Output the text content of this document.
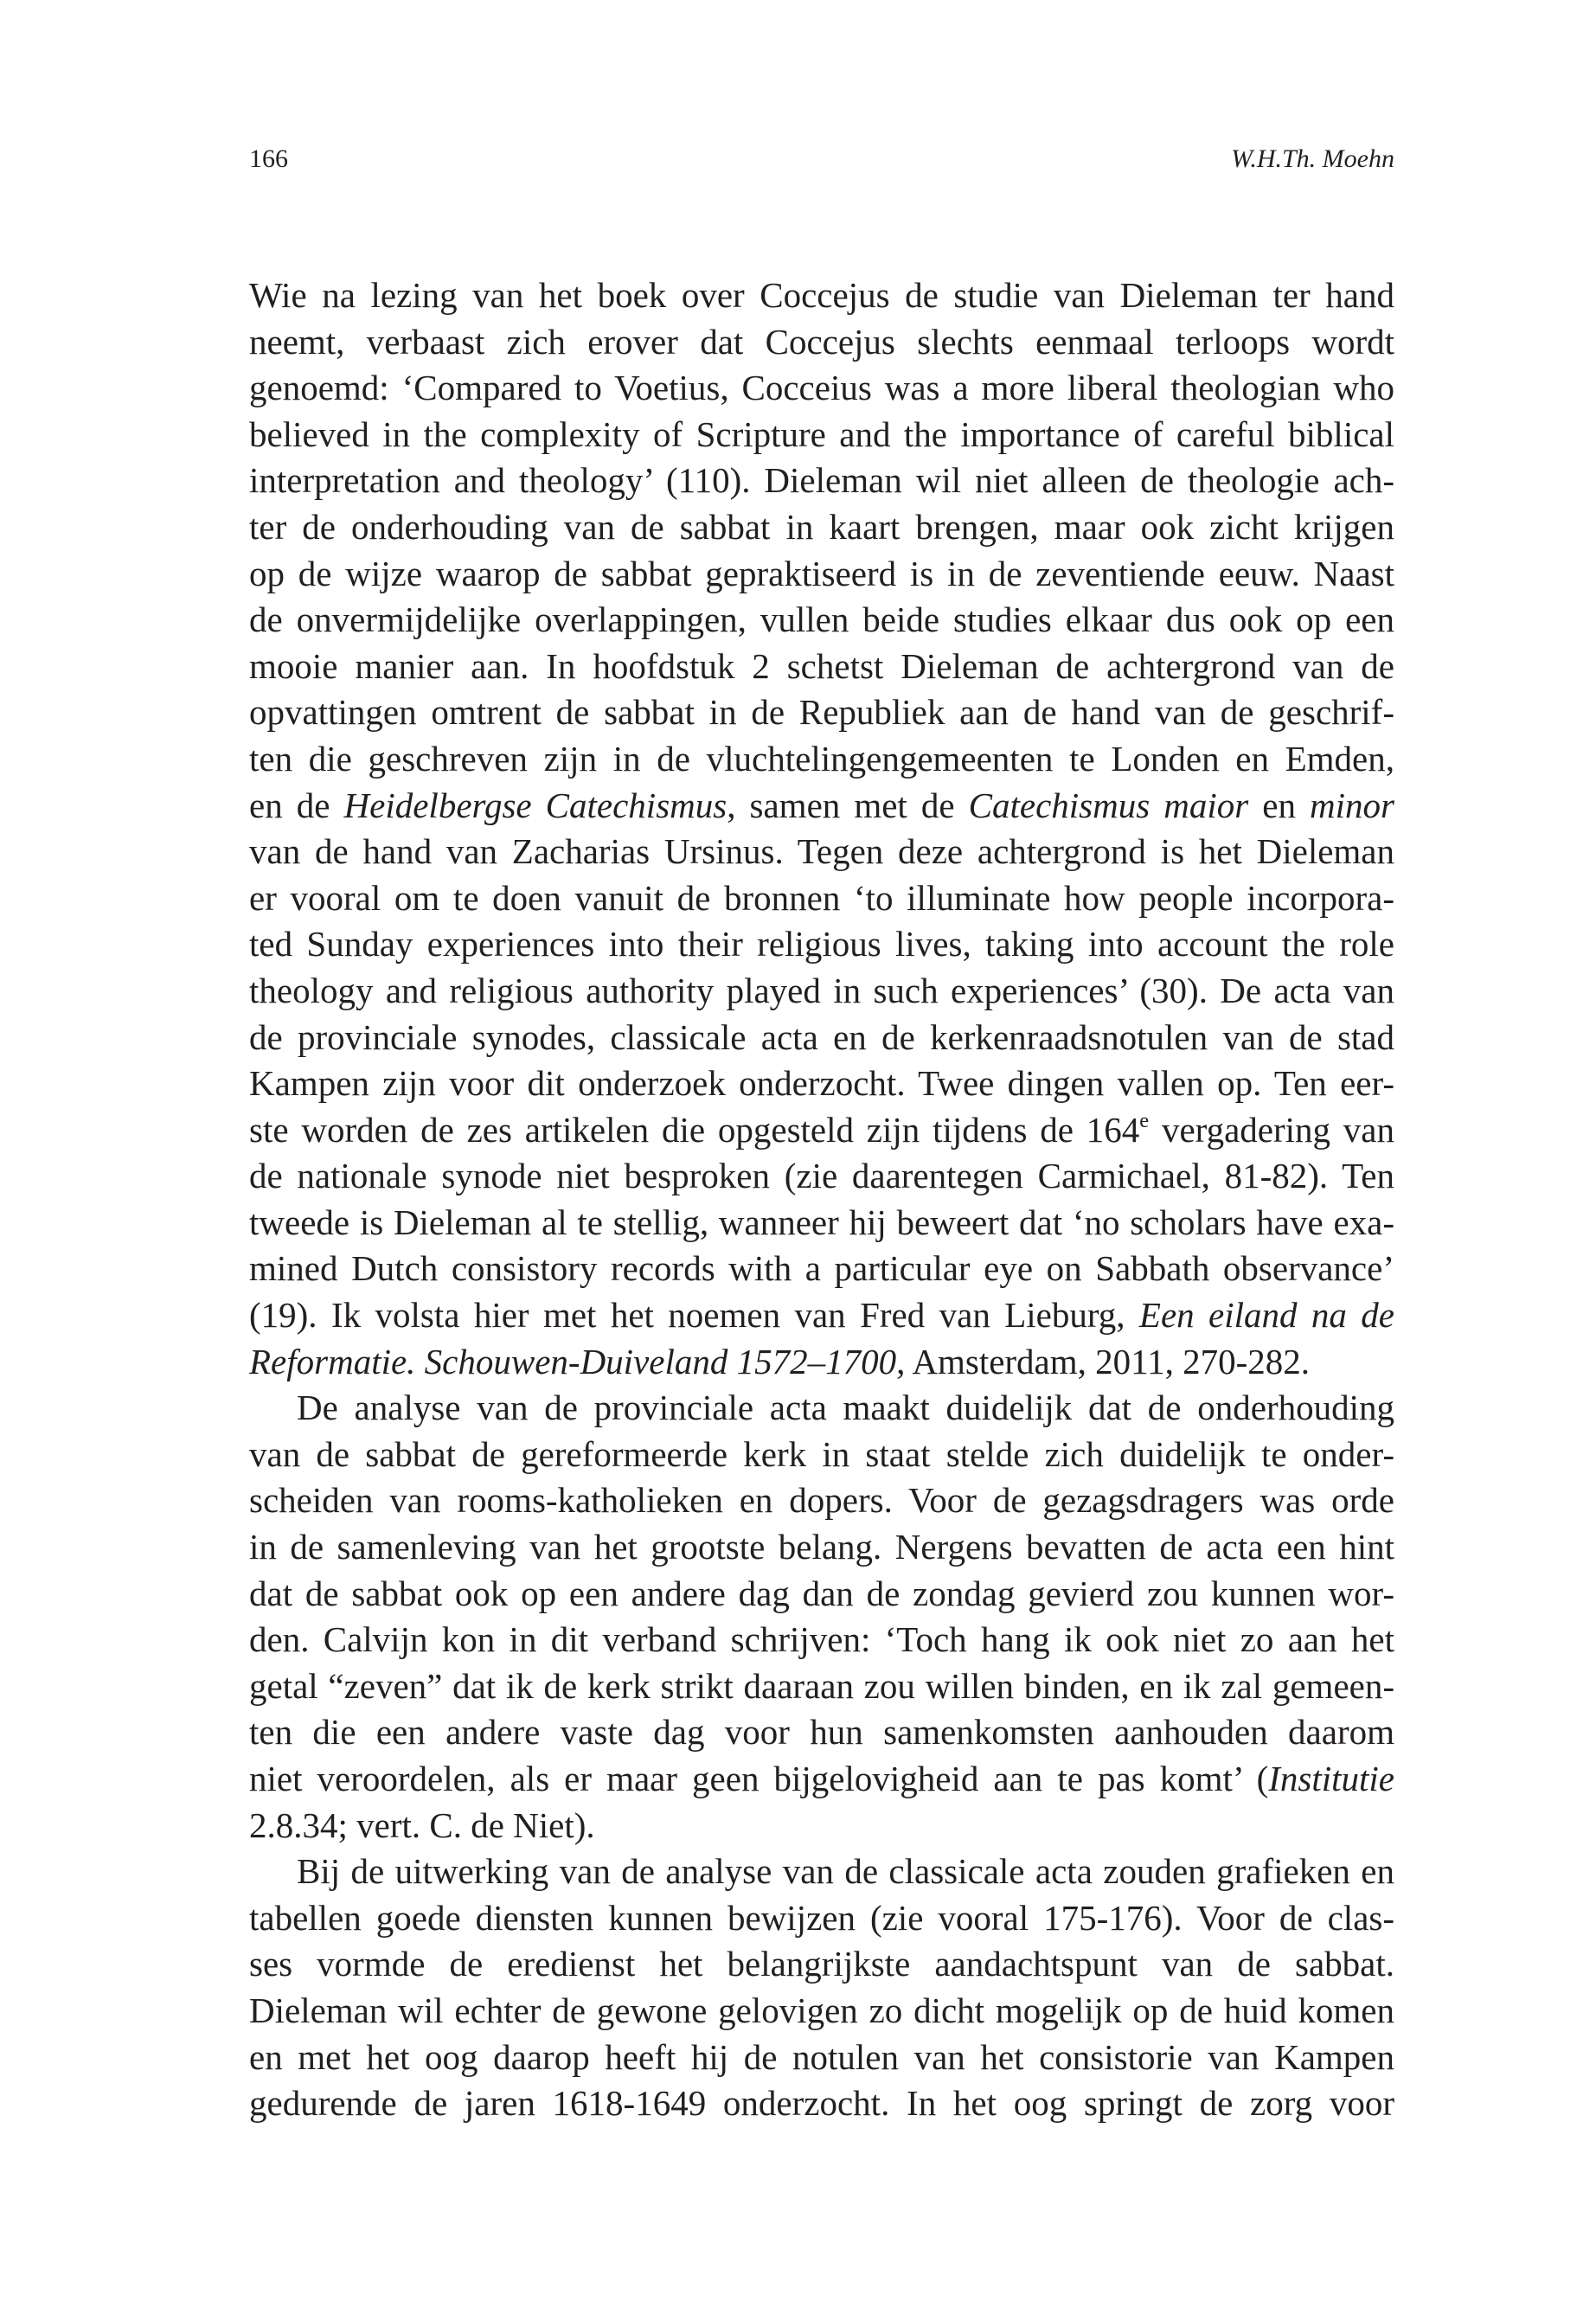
166	W.H.Th. Moehn
Wie na lezing van het boek over Coccejus de studie van Dieleman ter hand
neemt, verbaast zich erover dat Coccejus slechts eenmaal terloops wordt
genoemd: ‘Compared to Voetius, Cocceius was a more liberal theologian who
believed in the complexity of Scripture and the importance of careful biblical
interpretation and theology’ (110). Dieleman wil niet alleen de theologie ach-
ter de onderhouding van de sabbat in kaart brengen, maar ook zicht krijgen
op de wijze waarop de sabbat gepraktiseerd is in de zeventiende eeuw. Naast
de onvermijdelijke overlappingen, vullen beide studies elkaar dus ook op een
mooie manier aan. In hoofdstuk 2 schetst Dieleman de achtergrond van de
opvattingen omtrent de sabbat in de Republiek aan de hand van de geschrif-
ten die geschreven zijn in de vluchtelingengemeenten te Londen en Emden,
en de Heidelbergse Catechismus, samen met de Catechismus maior en minor
van de hand van Zacharias Ursinus. Tegen deze achtergrond is het Dieleman
er vooral om te doen vanuit de bronnen ‘to illuminate how people incorpora-
ted Sunday experiences into their religious lives, taking into account the role
theology and religious authority played in such experiences’ (30). De acta van
de provinciale synodes, classicale acta en de kerkenraadsnotulen van de stad
Kampen zijn voor dit onderzoek onderzocht. Twee dingen vallen op. Ten eer-
ste worden de zes artikelen die opgesteld zijn tijdens de 164e vergadering van
de nationale synode niet besproken (zie daarentegen Carmichael, 81-82). Ten
tweede is Dieleman al te stellig, wanneer hij beweert dat ‘no scholars have exa-
mined Dutch consistory records with a particular eye on Sabbath observance’
(19). Ik volsta hier met het noemen van Fred van Lieburg, Een eiland na de
Reformatie. Schouwen-Duiveland 1572–1700, Amsterdam, 2011, 270-282.
De analyse van de provinciale acta maakt duidelijk dat de onderhouding
van de sabbat de gereformeerde kerk in staat stelde zich duidelijk te onder-
scheiden van rooms-katholieken en dopers. Voor de gezagsdragers was orde
in de samenleving van het grootste belang. Nergens bevatten de acta een hint
dat de sabbat ook op een andere dag dan de zondag gevierd zou kunnen wor-
den. Calvijn kon in dit verband schrijven: ‘Toch hang ik ook niet zo aan het
getal “zeven” dat ik de kerk strikt daaraan zou willen binden, en ik zal gemeen-
ten die een andere vaste dag voor hun samenkomsten aanhouden daarom
niet veroordelen, als er maar geen bijgelovigheid aan te pas komt’ (Institutie
2.8.34; vert. C. de Niet).
Bij de uitwerking van de analyse van de classicale acta zouden grafieken en
tabellen goede diensten kunnen bewijzen (zie vooral 175-176). Voor de clas-
ses vormde de eredienst het belangrijkste aandachtspunt van de sabbat.
Dieleman wil echter de gewone gelovigen zo dicht mogelijk op de huid komen
en met het oog daarop heeft hij de notulen van het consistorie van Kampen
gedurende de jaren 1618-1649 onderzocht. In het oog springt de zorg voor
